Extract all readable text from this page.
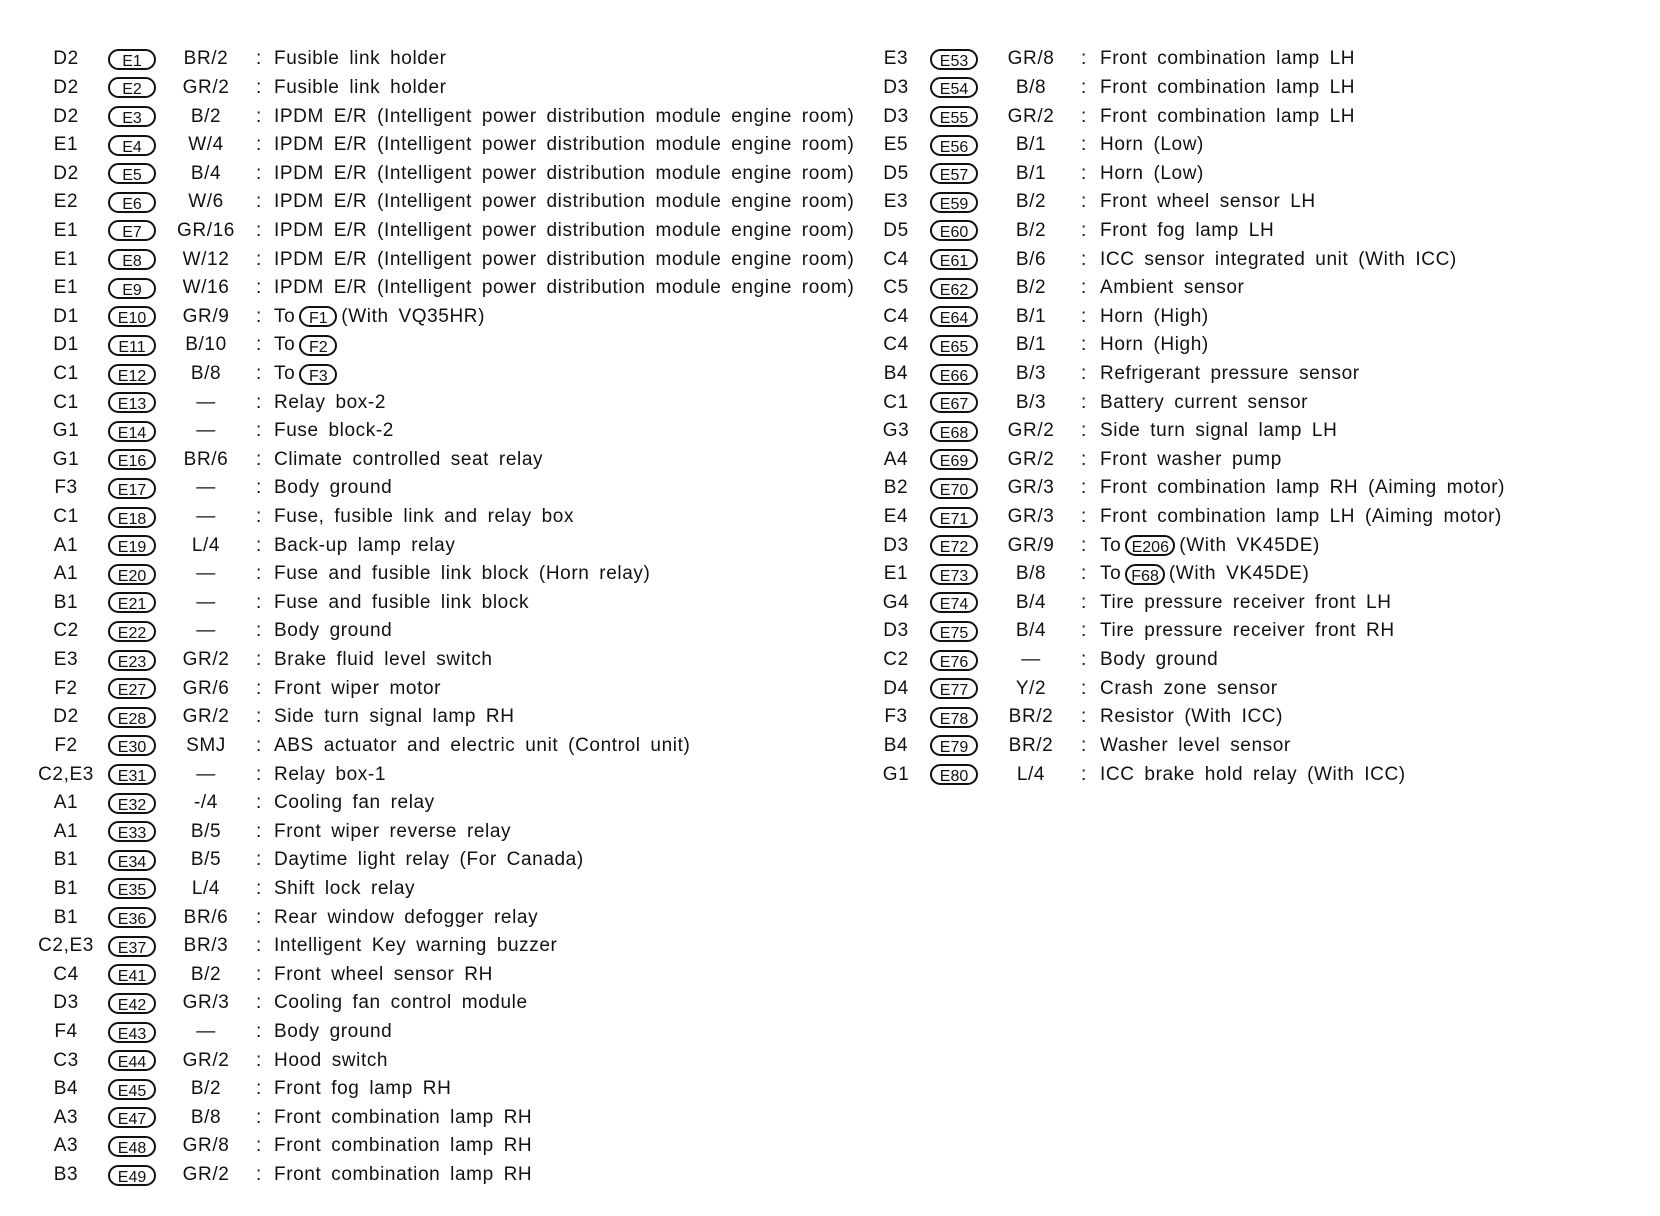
D2	E1	BR/2	: Fusible link holder
D2	E2	GR/2	: Fusible link holder
D2	E3	B/2	: IPDM E/R (Intelligent power distribution module engine room)
E1	E4	W/4	: IPDM E/R (Intelligent power distribution module engine room)
D2	E5	B/4	: IPDM E/R (Intelligent power distribution module engine room)
E2	E6	W/6	: IPDM E/R (Intelligent power distribution module engine room)
E1	E7	GR/16	: IPDM E/R (Intelligent power distribution module engine room)
E1	E8	W/12	: IPDM E/R (Intelligent power distribution module engine room)
E1	E9	W/16	: IPDM E/R (Intelligent power distribution module engine room)
D1	E10	GR/9	: To F1 (With VQ35HR)
D1	E11	B/10	: To F2
C1	E12	B/8	: To F3
C1	E13	—	: Relay box-2
G1	E14	—	: Fuse block-2
G1	E16	BR/6	: Climate controlled seat relay
F3	E17	—	: Body ground
C1	E18	—	: Fuse, fusible link and relay box
A1	E19	L/4	: Back-up lamp relay
A1	E20	—	: Fuse and fusible link block (Horn relay)
B1	E21	—	: Fuse and fusible link block
C2	E22	—	: Body ground
E3	E23	GR/2	: Brake fluid level switch
F2	E27	GR/6	: Front wiper motor
D2	E28	GR/2	: Side turn signal lamp RH
F2	E30	SMJ	: ABS actuator and electric unit (Control unit)
C2,E3	E31	—	: Relay box-1
A1	E32	-/4	: Cooling fan relay
A1	E33	B/5	: Front wiper reverse relay
B1	E34	B/5	: Daytime light relay (For Canada)
B1	E35	L/4	: Shift lock relay
B1	E36	BR/6	: Rear window defogger relay
C2,E3	E37	BR/3	: Intelligent Key warning buzzer
C4	E41	B/2	: Front wheel sensor RH
D3	E42	GR/3	: Cooling fan control module
F4	E43	—	: Body ground
C3	E44	GR/2	: Hood switch
B4	E45	B/2	: Front fog lamp RH
A3	E47	B/8	: Front combination lamp RH
A3	E48	GR/8	: Front combination lamp RH
B3	E49	GR/2	: Front combination lamp RH
E3	E53	GR/8	: Front combination lamp LH
D3	E54	B/8	: Front combination lamp LH
D3	E55	GR/2	: Front combination lamp LH
E5	E56	B/1	: Horn (Low)
D5	E57	B/1	: Horn (Low)
E3	E59	B/2	: Front wheel sensor LH
D5	E60	B/2	: Front fog lamp LH
C4	E61	B/6	: ICC sensor integrated unit (With ICC)
C5	E62	B/2	: Ambient sensor
C4	E64	B/1	: Horn (High)
C4	E65	B/1	: Horn (High)
B4	E66	B/3	: Refrigerant pressure sensor
C1	E67	B/3	: Battery current sensor
G3	E68	GR/2	: Side turn signal lamp LH
A4	E69	GR/2	: Front washer pump
B2	E70	GR/3	: Front combination lamp RH (Aiming motor)
E4	E71	GR/3	: Front combination lamp LH (Aiming motor)
D3	E72	GR/9	: To E206 (With VK45DE)
E1	E73	B/8	: To F68 (With VK45DE)
G4	E74	B/4	: Tire pressure receiver front LH
D3	E75	B/4	: Tire pressure receiver front RH
C2	E76	—	: Body ground
D4	E77	Y/2	: Crash zone sensor
F3	E78	BR/2	: Resistor (With ICC)
B4	E79	BR/2	: Washer level sensor
G1	E80	L/4	: ICC brake hold relay (With ICC)
